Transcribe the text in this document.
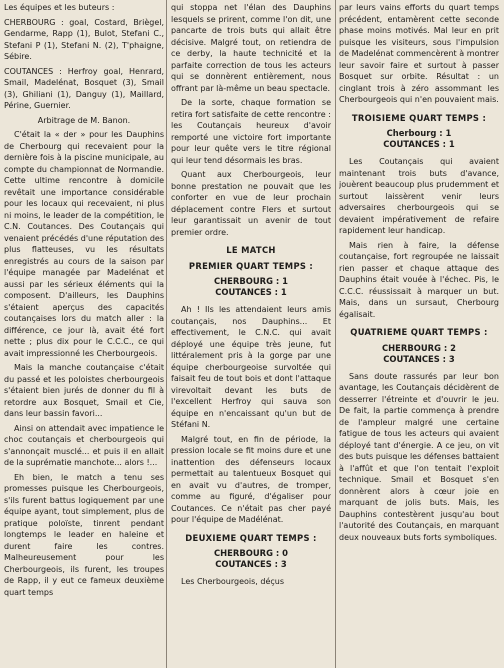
Les équipes et les buteurs :

CHERBOURG : goal, Costard, Briègel, Gendarme, Rapp (1), Bulot, Stefani C., Stefani P (1), Stefani N. (2), T'phaigne, Sébire.

COUTANCES : Herfroy goal, Henrard, Smail, Madelénat, Bosquet (3), Smail (3), Ghiliani (1), Danguy (1), Maillard, Périne, Guernier.

Arbitrage de M. Banon.

C'était la « der » pour les Dauphins de Cherbourg qui recevaient pour la dernière fois à la piscine municipale, au compte du championnat de Normandie. Cette ultime rencontre à domicile revêtait une importance considérable pour les locaux qui recevaient, ni plus ni moins, le leader de la compétition, le C.N. Coutances. Des Coutançais qui venaient précédés d'une réputation des plus flatteuses, vu les résultats enregistrés au cours de la saison par l'équipe managée par Madelénat et aussi par les sérieux éléments qui la composent. D'ailleurs, les Dauphins s'étaient aperçus des capacités coutançaises lors du match aller : la différence, ce jour là, avait été fort nette ; plus dix pour le C.C.C., ce qui avait impressionné les Cherbourgeois.

Mais la manche coutançaise c'était du passé et les poloistes cherbourgeois s'étaient bien jurés de donner du fil à retordre aux Bosquet, Smail et Cie, dans leur bassin favori...

Ainsi on attendait avec impatience le choc coutançais et cherbourgeois qui s'annonçait musclé... et puis il en allait de la suprématie manchote... alors !...

Eh bien, le match a tenu ses promesses puisque les Cherbourgeois, s'ils furent battus logiquement par une équipe ayant, tout simplement, plus de pratique poloïste, tinrent pendant longtemps le leader en haleine et durent faire les contres. Malheureusement pour les Cherbourgeois, ils furent, les troupes de Rapp, il y eut ce fameux deuxième quart temps

qui stoppa net l'élan des Dauphins lesquels se prirent, comme l'on dit, une pancarte de trois buts qui allait être décisive. Malgré tout, on retiendra de ce derby, la haute technicité et la parfaite correction de tous les acteurs qui se donnèrent entièrement, nous offrant par là-même un beau spectacle.

De la sorte, chaque formation se retira fort satisfaite de cette rencontre : les Coutançais heureux d'avoir remporté une victoire fort importante pour leur quête vers le titre régional qui leur tend désormais les bras.

Quant aux Cherbourgeois, leur bonne prestation ne pouvait que les conforter en vue de leur prochain déplacement contre Flers et surtout leur garantissait un avenir de tout premier ordre.

LE MATCH
PREMIER QUART TEMPS :
CHERBOURG : 1
COUTANCES : 1

Ah ! Ils les attendaient leurs amis coutançais, nos Dauphins... Et effectivement, le C.N.C. qui avait déployé une équipe très jeune, fut littéralement pris à la gorge par une équipe cherbourgeoise survoltée qui faisait feu de tout bois et dont l'attaque virevoltait devant les buts de l'excellent Herfroy qui sauva son équipe en n'encaissant qu'un but de Stéfani N.

Malgré tout, en fin de période, la pression locale se fit moins dure et une inattention des défenseurs locaux permettait au talentueux Bosquet qui en avait vu d'autres, de tromper, comme au figuré, d'égaliser pour Coutances. Ce n'était pas cher payé pour l'équipe de Madélénat.

DEUXIEME QUART TEMPS :
CHERBOURG : 0
COUTANCES : 3

Les Cherbourgeois, déçus

par leurs vains efforts du quart temps précédent, entamèrent cette seconde phase moins motivés. Mal leur en prit puisque les visiteurs, sous l'impulsion de Madelénat commencèrent à montrer leur savoir faire et surtout à passer Bosquet sur orbite. Résultat : un cinglant trois à zéro assommant les Cherbourgeois qui n'en pouvaient mais.

TROISIEME QUART TEMPS :
Cherbourg : 1
COUTANCES : 1

Les Coutançais qui avaient maintenant trois buts d'avance, jouèrent beaucoup plus prudemment et surtout laissèrent venir leurs adversaires cherbourgeois qui se devaient impérativement de refaire rapidement leur handicap.

Mais rien à faire, la défense coutançaise, fort regroupée ne laissait rien passer et chaque attaque des Dauphins était vouée à l'échec. Pis, le C.C.C. réussissait à marquer un but. Mais, dans un sursaut, Cherbourg égalisait.

QUATRIEME QUART TEMPS :
CHERBOURG : 2
COUTANCES : 3

Sans doute rassurés par leur bon avantage, les Coutançais décidèrent de desserrer l'étreinte et d'ouvrir le jeu. De fait, la partie commença à prendre de l'ampleur malgré une certaine fatigue de tous les acteurs qui avaient déployé tant d'énergie. A ce jeu, on vit des buts puisque les défenses battaient à l'affût et que l'on tentait l'exploit technique. Smail et Bosquet s'en donnèrent alors à cœur joie en marquant de jolis buts. Mais, les Dauphins contestèrent jusqu'au bout l'autorité des Coutançais, en marquant deux nouveaux buts forts symboliques.
